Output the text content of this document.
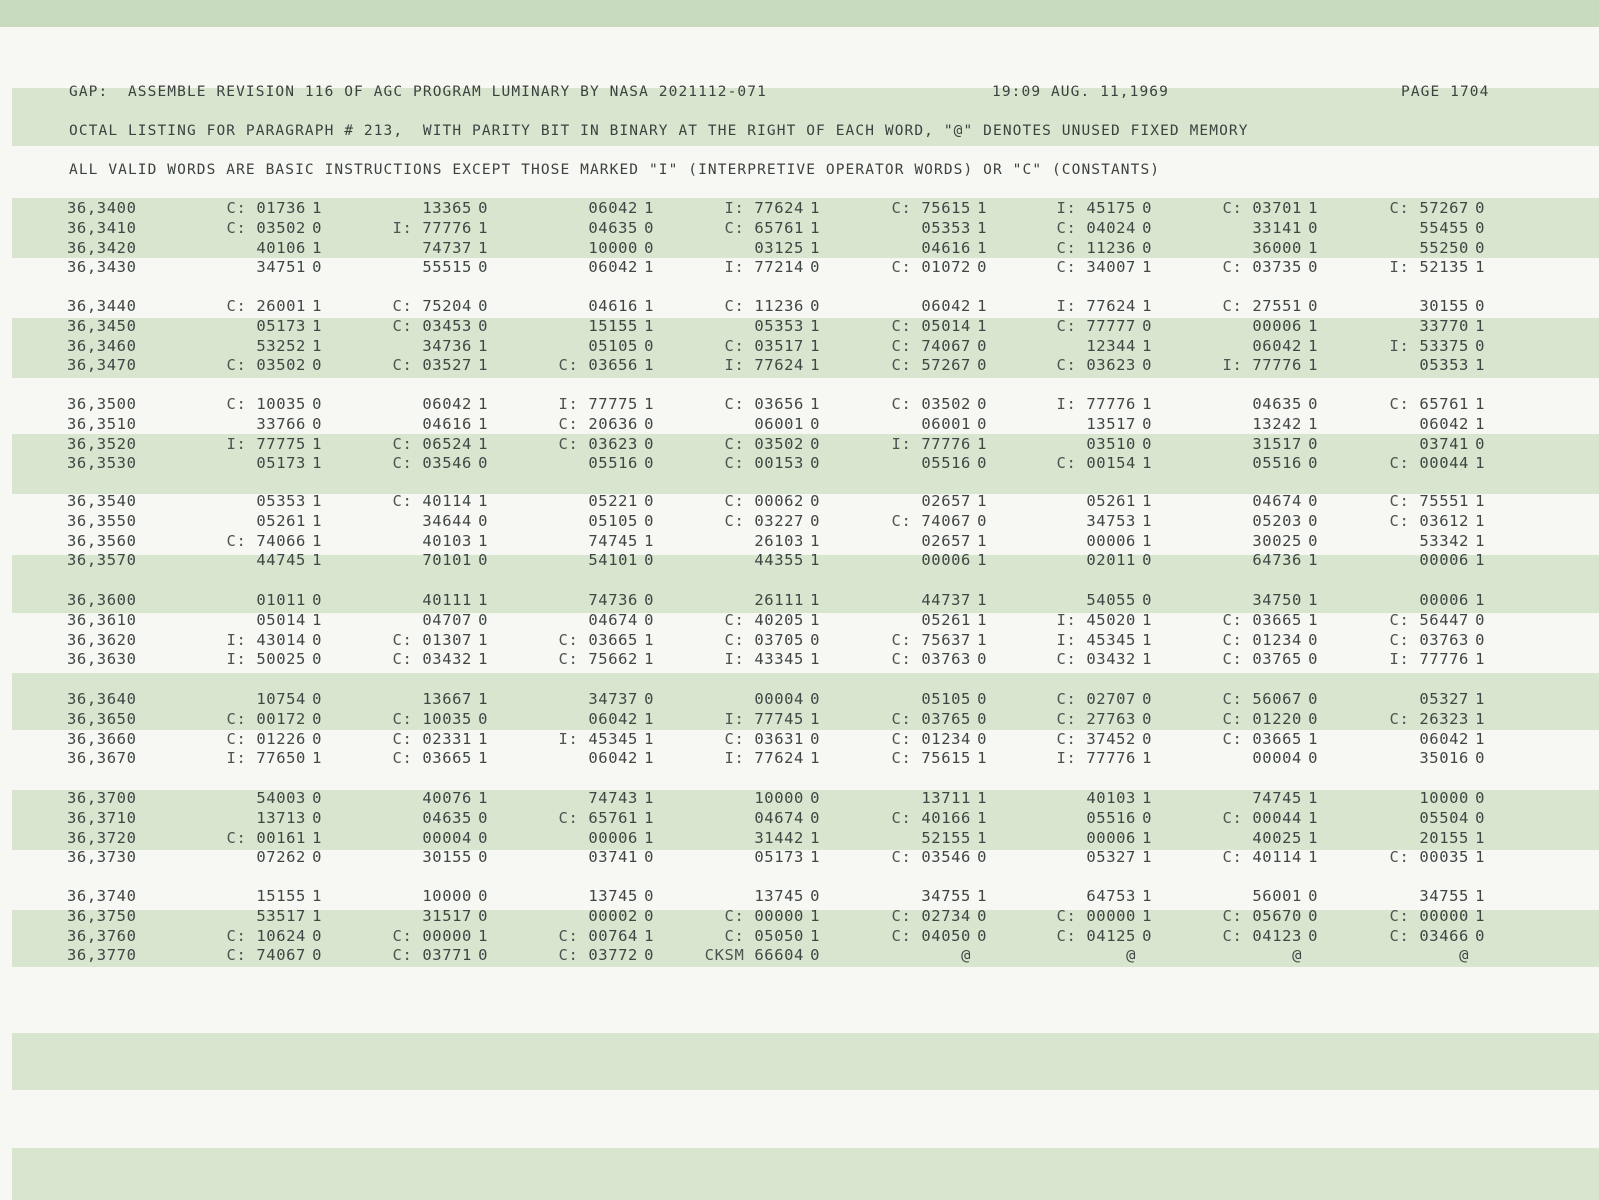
GAP:  ASSEMBLE REVISION 116 OF AGC PROGRAM LUMINARY BY NASA 2021112-071	19:09 AUG. 11,1969	PAGE 1704
OCTAL LISTING FOR PARAGRAPH # 213,  WITH PARITY BIT IN BINARY AT THE RIGHT OF EACH WORD, "@" DENOTES UNUSED FIXED MEMORY
ALL VALID WORDS ARE BASIC INSTRUCTIONS EXCEPT THOSE MARKED "I" (INTERPRETIVE OPERATOR WORDS) OR "C" (CONSTANTS)
36,3400	C: 01736 1	13365 0	06042 1	I: 77624 1	C: 75615 1	I: 45175 0	C: 03701 1	C: 57267 0
36,3410	C: 03502 0	I: 77776 1	04635 0	C: 65761 1	05353 1	C: 04024 0	33141 0	55455 0
36,3420	40106 1	74737 1	10000 0	03125 1	04616 1	C: 11236 0	36000 1	55250 0
36,3430	34751 0	55515 0	06042 1	I: 77214 0	C: 01072 0	C: 34007 1	C: 03735 0	I: 52135 1
36,3440	C: 26001 1	C: 75204 0	04616 1	C: 11236 0	06042 1	I: 77624 1	C: 27551 0	30155 0
36,3450	05173 1	C: 03453 0	15155 1	05353 1	C: 05014 1	C: 77777 0	00006 1	33770 1
36,3460	53252 1	34736 1	05105 0	C: 03517 1	C: 74067 0	12344 1	06042 1	I: 53375 0
36,3470	C: 03502 0	C: 03527 1	C: 03656 1	I: 77624 1	C: 57267 0	C: 03623 0	I: 77776 1	05353 1
36,3500	C: 10035 0	06042 1	I: 77775 1	C: 03656 1	C: 03502 0	I: 77776 1	04635 0	C: 65761 1
36,3510	33766 0	04616 1	C: 20636 0	06001 0	06001 0	13517 0	13242 1	06042 1
36,3520	I: 77775 1	C: 06524 1	C: 03623 0	C: 03502 0	I: 77776 1	03510 0	31517 0	03741 0
36,3530	05173 1	C: 03546 0	05516 0	C: 00153 0	05516 0	C: 00154 1	05516 0	C: 00044 1
36,3540	05353 1	C: 40114 1	05221 0	C: 00062 0	02657 1	05261 1	04674 0	C: 75551 1
36,3550	05261 1	34644 0	05105 0	C: 03227 0	C: 74067 0	34753 1	05203 0	C: 03612 1
36,3560	C: 74066 1	40103 1	74745 1	26103 1	02657 1	00006 1	30025 0	53342 1
36,3570	44745 1	70101 0	54101 0	44355 1	00006 1	02011 0	64736 1	00006 1
36,3600	01011 0	40111 1	74736 0	26111 1	44737 1	54055 0	34750 1	00006 1
36,3610	05014 1	04707 0	04674 0	C: 40205 1	05261 1	I: 45020 1	C: 03665 1	C: 56447 0
36,3620	I: 43014 0	C: 01307 1	C: 03665 1	C: 03705 0	C: 75637 1	I: 45345 1	C: 01234 0	C: 03763 0
36,3630	I: 50025 0	C: 03432 1	C: 75662 1	I: 43345 1	C: 03763 0	C: 03432 1	C: 03765 0	I: 77776 1
36,3640	10754 0	13667 1	34737 0	00004 0	05105 0	C: 02707 0	C: 56067 0	05327 1
36,3650	C: 00172 0	C: 10035 0	06042 1	I: 77745 1	C: 03765 0	C: 27763 0	C: 01220 0	C: 26323 1
36,3660	C: 01226 0	C: 02331 1	I: 45345 1	C: 03631 0	C: 01234 0	C: 37452 0	C: 03665 1	06042 1
36,3670	I: 77650 1	C: 03665 1	06042 1	I: 77624 1	C: 75615 1	I: 77776 1	00004 0	35016 0
36,3700	54003 0	40076 1	74743 1	10000 0	13711 1	40103 1	74745 1	10000 0
36,3710	13713 0	04635 0	C: 65761 1	04674 0	C: 40166 1	05516 0	C: 00044 1	05504 0
36,3720	C: 00161 1	00004 0	00006 1	31442 1	52155 1	00006 1	40025 1	20155 1
36,3730	07262 0	30155 0	03741 0	05173 1	C: 03546 0	05327 1	C: 40114 1	C: 00035 1
36,3740	15155 1	10000 0	13745 0	13745 0	34755 1	64753 1	56001 0	34755 1
36,3750	53517 1	31517 0	00002 0	C: 00000 1	C: 02734 0	C: 00000 1	C: 05670 0	C: 00000 1
36,3760	C: 10624 0	C: 00000 1	C: 00764 1	C: 05050 1	C: 04050 0	C: 04125 0	C: 04123 0	C: 03466 0
36,3770	C: 74067 0	C: 03771 0	C: 03772 0	CKSM 66604 0	@	@	@	@
